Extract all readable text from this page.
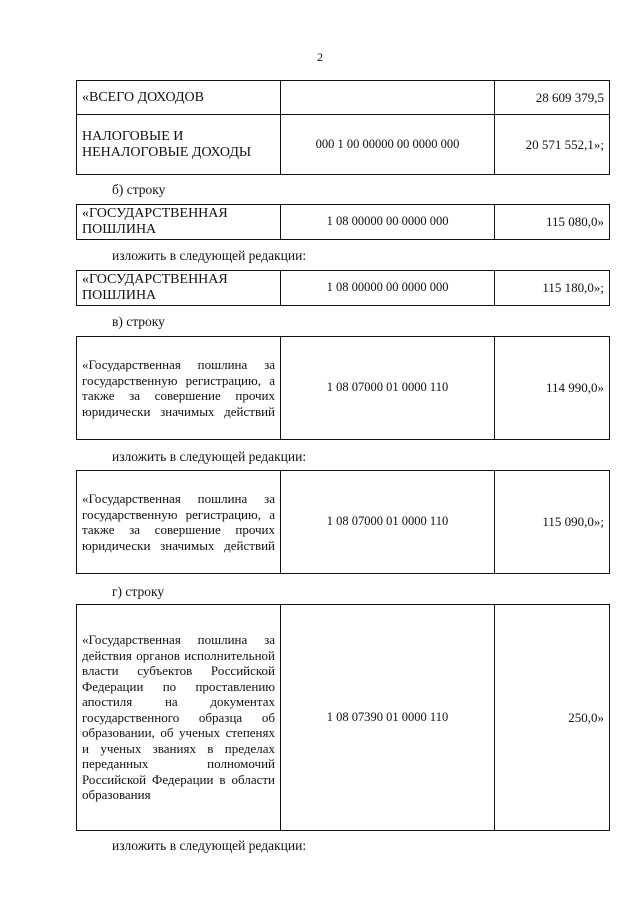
2
«ВСЕГО ДОХОДОВ		28 609 379,5
НАЛОГОВЫЕ И НЕНАЛОГОВЫЕ ДОХОДЫ	000 1 00 00000 00 0000 000	20 571 552,1»;
б) строку
«ГОСУДАРСТВЕННАЯ ПОШЛИНА	1 08 00000 00 0000 000	115 080,0»
изложить в следующей редакции:
«ГОСУДАРСТВЕННАЯ ПОШЛИНА	1 08 00000 00 0000 000	115 180,0»;
в) строку
«Государственная пошлина за государственную регистрацию, а также за совершение прочих юридически значимых действий	1 08 07000 01 0000 110	114 990,0»
изложить в следующей редакции:
«Государственная пошлина за государственную регистрацию, а также за совершение прочих юридически значимых действий	1 08 07000 01 0000 110	115 090,0»;
г) строку
«Государственная пошлина за действия органов исполнительной власти субъектов Российской Федерации по проставлению апостиля на документах государственного образца об образовании, об ученых степенях и ученых званиях в пределах переданных полномочий Российской Федерации в области образования	1 08 07390 01 0000 110	250,0»
изложить в следующей редакции:
